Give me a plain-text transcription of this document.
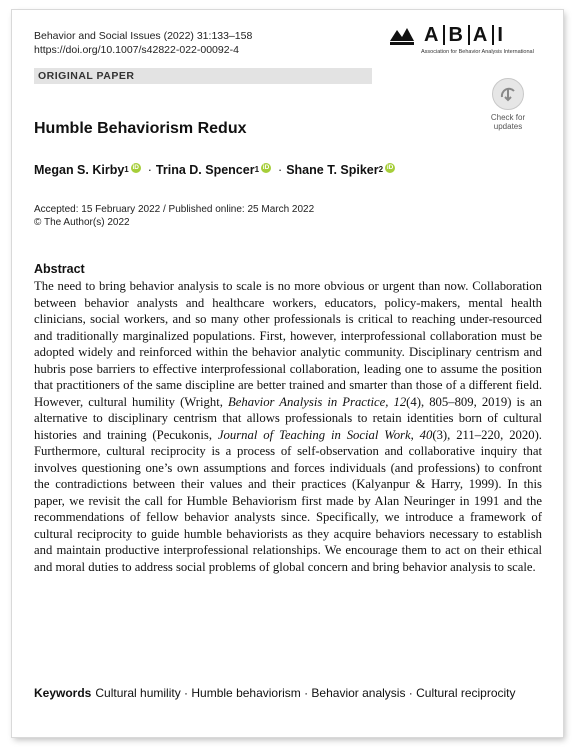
Behavior and Social Issues (2022) 31:133–158
https://doi.org/10.1007/s42822-022-00092-4
A B A I
Association for Behavior Analysis International
ORIGINAL PAPER
Check for
updates
Humble Behaviorism Redux
Megan S. Kirby$^1$ iD · Trina D. Spencer$^1$ iD · Shane T. Spiker$^2$ iD
Accepted: 15 February 2022 / Published online: 25 March 2022
© The Author(s) 2022
Abstract
The need to bring behavior analysis to scale is no more obvious or urgent than now. Collaboration between behavior analysts and healthcare workers, educators, policy-makers, mental health clinicians, social workers, and so many other professionals is critical to reaching under-resourced and traditionally marginalized populations. First, however, interprofessional collaboration must be adopted widely and reinforced within the behavior analytic community. Disciplinary centrism and hubris pose barriers to effective interprofessional collaboration, leading one to assume the position that practitioners of the same discipline are better trained and smarter than those of a different field. However, cultural humility (Wright, Behavior Analysis in Practice, 12(4), 805–809, 2019) is an alternative to disciplinary centrism that allows professionals to retain identities born of cultural histories and training (Pecukonis, Journal of Teaching in Social Work, 40(3), 211–220, 2020). Furthermore, cultural reciprocity is a process of self-observation and collaborative inquiry that involves questioning one’s own assumptions and forces individuals (and professions) to confront the contradictions between their values and their practices (Kalyanpur & Harry, 1999). In this paper, we revisit the call for Humble Behaviorism first made by Alan Neuringer in 1991 and the recommendations of fellow behavior analysts since. Specifically, we introduce a framework of cultural reciprocity to guide humble behaviorists as they acquire behaviors necessary to establish and maintain productive interprofessional relationships. We encourage them to act on their ethical and moral duties to address social problems of global concern and bring behavior analysis to scale.
Keywords Cultural humility · Humble behaviorism · Behavior analysis · Cultural reciprocity
